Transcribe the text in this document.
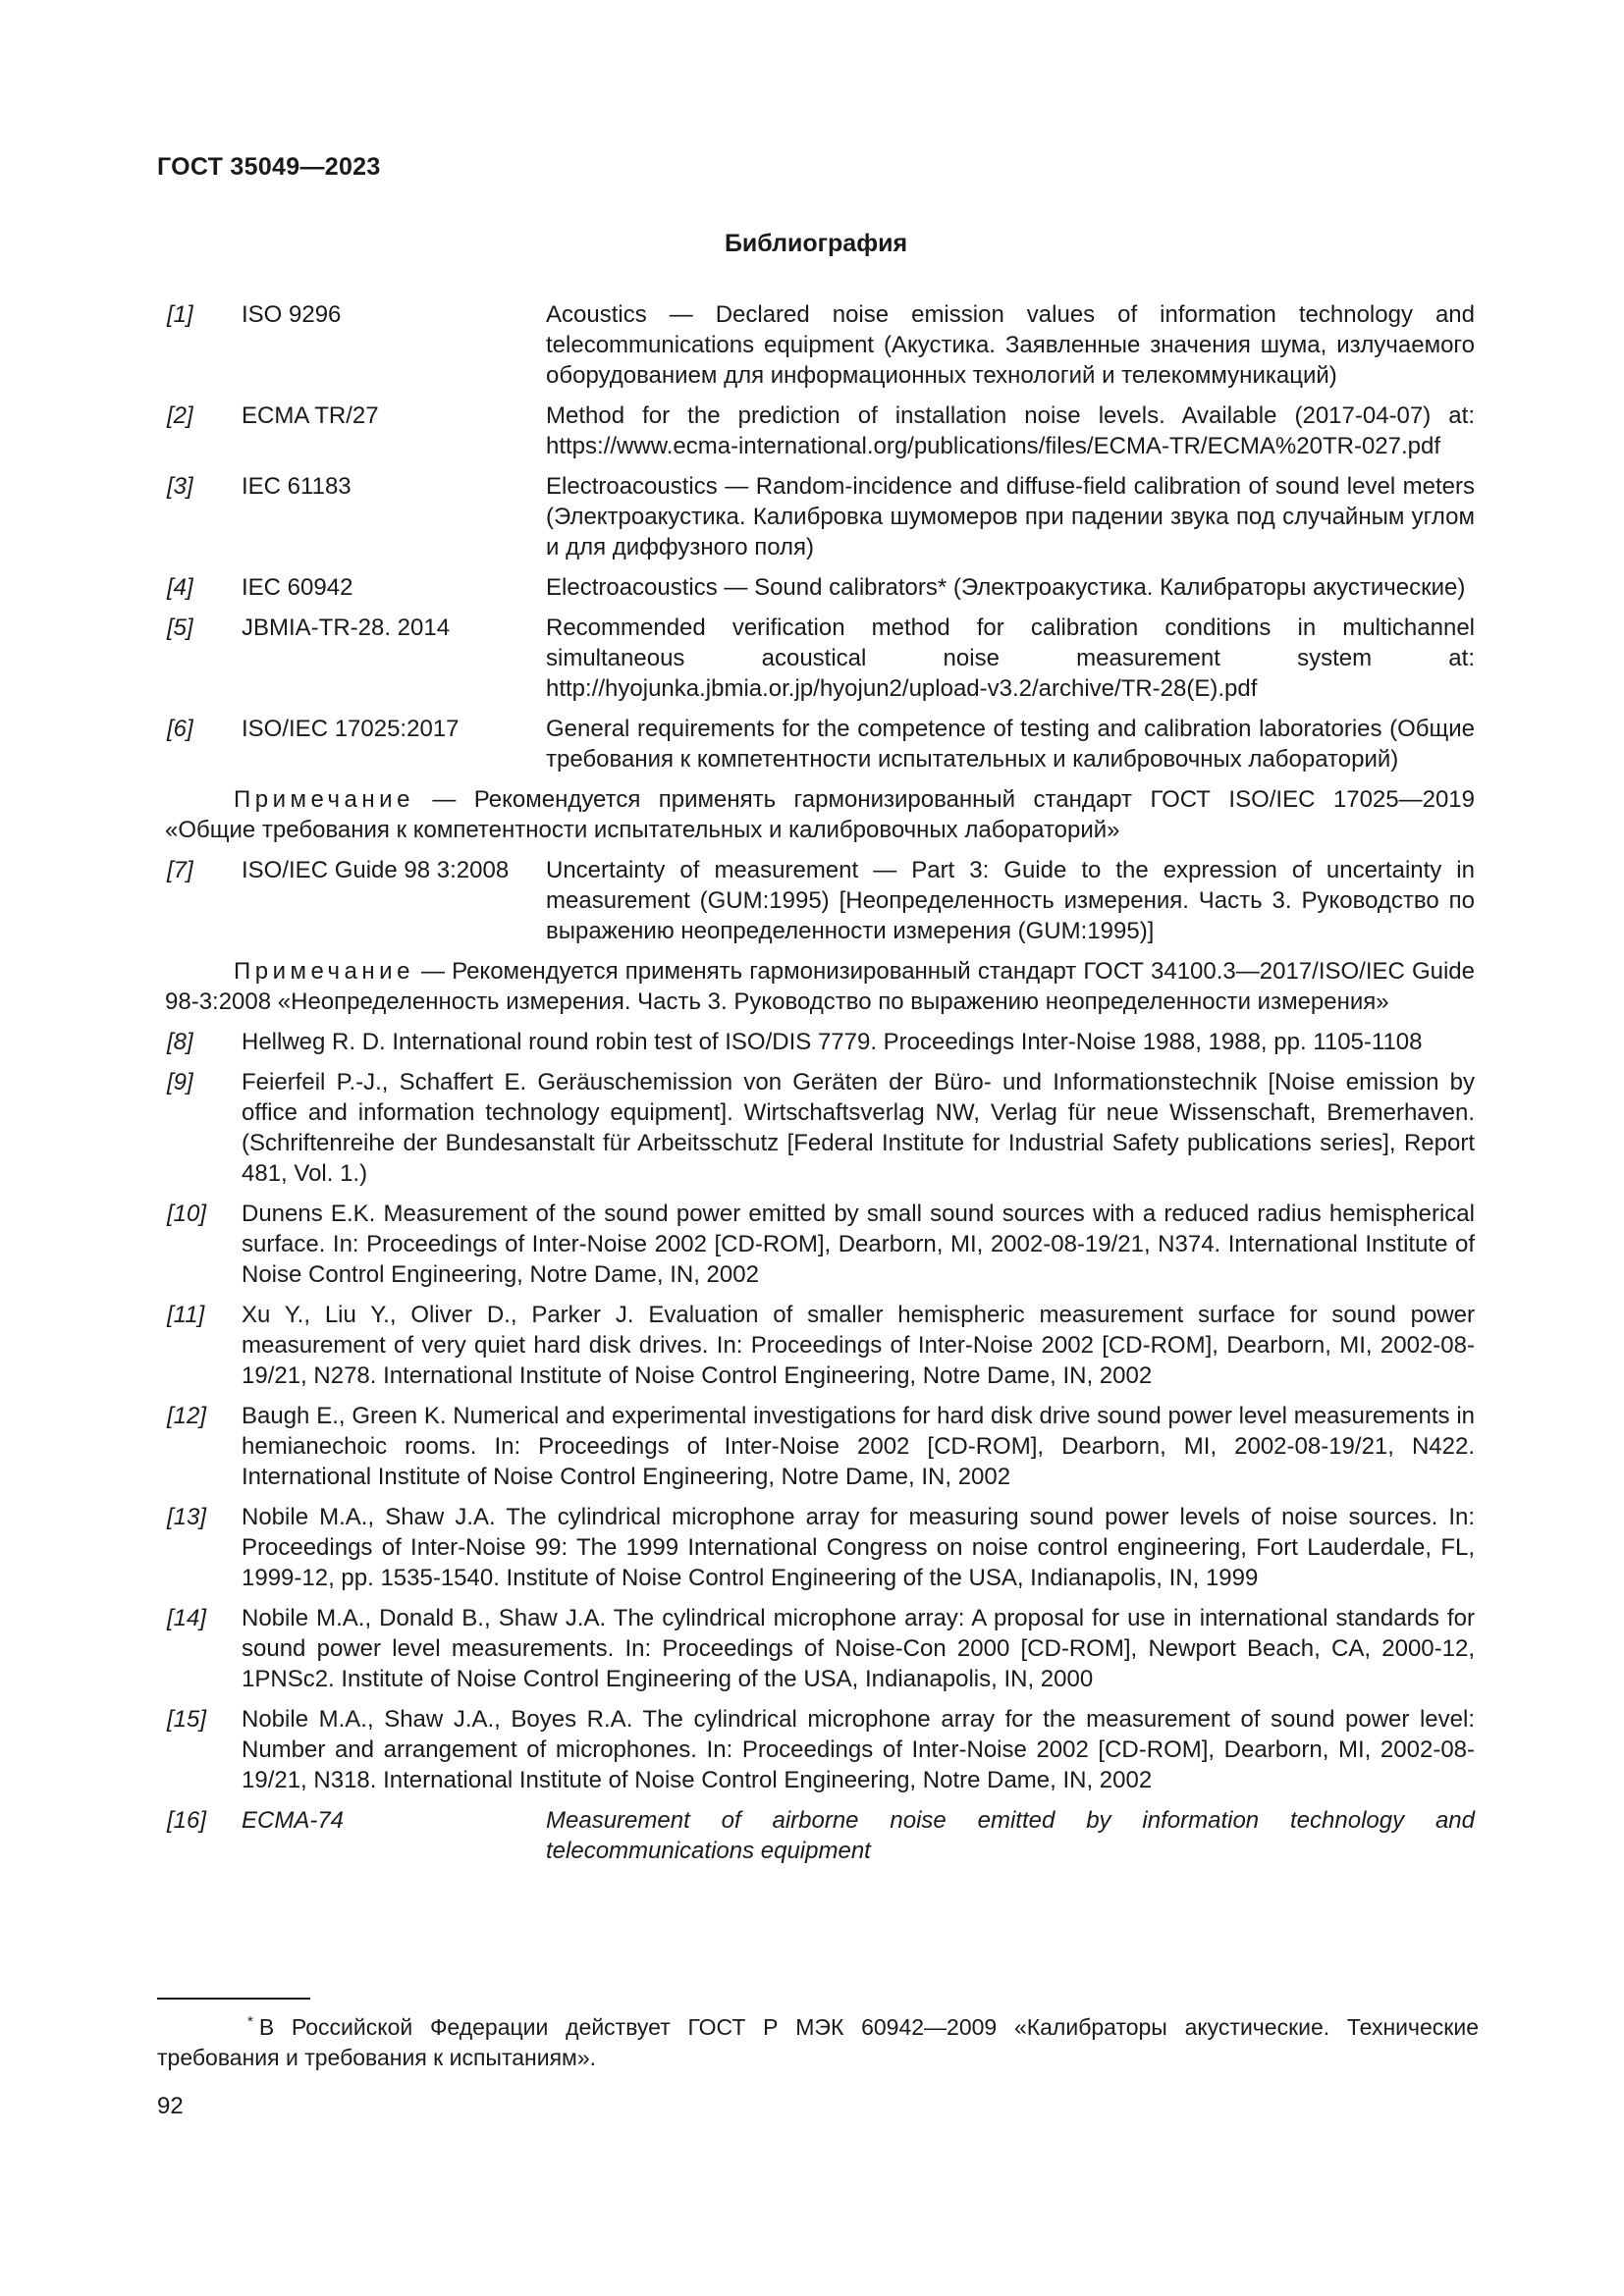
ГОСТ 35049—2023
Библиография
[1]	ISO 9296	Acoustics — Declared noise emission values of information technology and telecommunications equipment (Акустика. Заявленные значения шума, излучаемого оборудованием для информационных технологий и телекоммуникаций)
[2]	ECMA TR/27	Method for the prediction of installation noise levels. Available (2017-04-07) at: https://www.ecma-international.org/publications/files/ECMA-TR/ECMA%20TR-027.pdf
[3]	IEC 61183	Electroacoustics — Random-incidence and diffuse-field calibration of sound level meters (Электроакустика. Калибровка шумомеров при падении звука под случайным углом и для диффузного поля)
[4]	IEC 60942	Electroacoustics — Sound calibrators* (Электроакустика. Калибраторы акустические)
[5]	JBMIA-TR-28. 2014	Recommended verification method for calibration conditions in multichannel simultaneous acoustical noise measurement system at: http://hyojunka.jbmia.or.jp/hyojun2/upload-v3.2/archive/TR-28(E).pdf
[6]	ISO/IEC 17025:2017	General requirements for the competence of testing and calibration laboratories (Общие требования к компетентности испытательных и калибровочных лабораторий)
Примечание — Рекомендуется применять гармонизированный стандарт ГОСТ ISO/IEC 17025—2019 «Общие требования к компетентности испытательных и калибровочных лабораторий»
[7]	ISO/IEC Guide 98 3:2008	Uncertainty of measurement — Part 3: Guide to the expression of uncertainty in measurement (GUM:1995) [Неопределенность измерения. Часть 3. Руководство по выражению неопределенности измерения (GUM:1995)]
Примечание — Рекомендуется применять гармонизированный стандарт ГОСТ 34100.3—2017/ISO/IEC Guide 98-3:2008 «Неопределенность измерения. Часть 3. Руководство по выражению неопределенности измерения»
[8]	Hellweg R. D. International round robin test of ISO/DIS 7779. Proceedings Inter-Noise 1988, 1988, pp. 1105-1108
[9]	Feierfeil P.-J., Schaffert E. Geräuschemission von Geräten der Büro- und Informationstechnik [Noise emission by office and information technology equipment]. Wirtschaftsverlag NW, Verlag für neue Wissenschaft, Bremerhaven. (Schriftenreihe der Bundesanstalt für Arbeitsschutz [Federal Institute for Industrial Safety publications series], Report 481, Vol. 1.)
[10]	Dunens E.K. Measurement of the sound power emitted by small sound sources with a reduced radius hemispherical surface. In: Proceedings of Inter-Noise 2002 [CD-ROM], Dearborn, MI, 2002-08-19/21, N374. International Institute of Noise Control Engineering, Notre Dame, IN, 2002
[11]	Xu Y., Liu Y., Oliver D., Parker J. Evaluation of smaller hemispheric measurement surface for sound power measurement of very quiet hard disk drives. In: Proceedings of Inter-Noise 2002 [CD-ROM], Dearborn, MI, 2002-08-19/21, N278. International Institute of Noise Control Engineering, Notre Dame, IN, 2002
[12]	Baugh E., Green K. Numerical and experimental investigations for hard disk drive sound power level measurements in hemianechoic rooms. In: Proceedings of Inter-Noise 2002 [CD-ROM], Dearborn, MI, 2002-08-19/21, N422. International Institute of Noise Control Engineering, Notre Dame, IN, 2002
[13]	Nobile M.A., Shaw J.A. The cylindrical microphone array for measuring sound power levels of noise sources. In: Proceedings of Inter-Noise 99: The 1999 International Congress on noise control engineering, Fort Lauderdale, FL, 1999-12, pp. 1535-1540. Institute of Noise Control Engineering of the USA, Indianapolis, IN, 1999
[14]	Nobile M.A., Donald B., Shaw J.A. The cylindrical microphone array: A proposal for use in international standards for sound power level measurements. In: Proceedings of Noise-Con 2000 [CD-ROM], Newport Beach, CA, 2000-12, 1PNSc2. Institute of Noise Control Engineering of the USA, Indianapolis, IN, 2000
[15]	Nobile M.A., Shaw J.A., Boyes R.A. The cylindrical microphone array for the measurement of sound power level: Number and arrangement of microphones. In: Proceedings of Inter-Noise 2002 [CD-ROM], Dearborn, MI, 2002-08-19/21, N318. International Institute of Noise Control Engineering, Notre Dame, IN, 2002
[16]	ECMA-74	Measurement of airborne noise emitted by information technology and telecommunications equipment
* В Российской Федерации действует ГОСТ Р МЭК 60942—2009 «Калибраторы акустические. Технические требования и требования к испытаниям».
92
